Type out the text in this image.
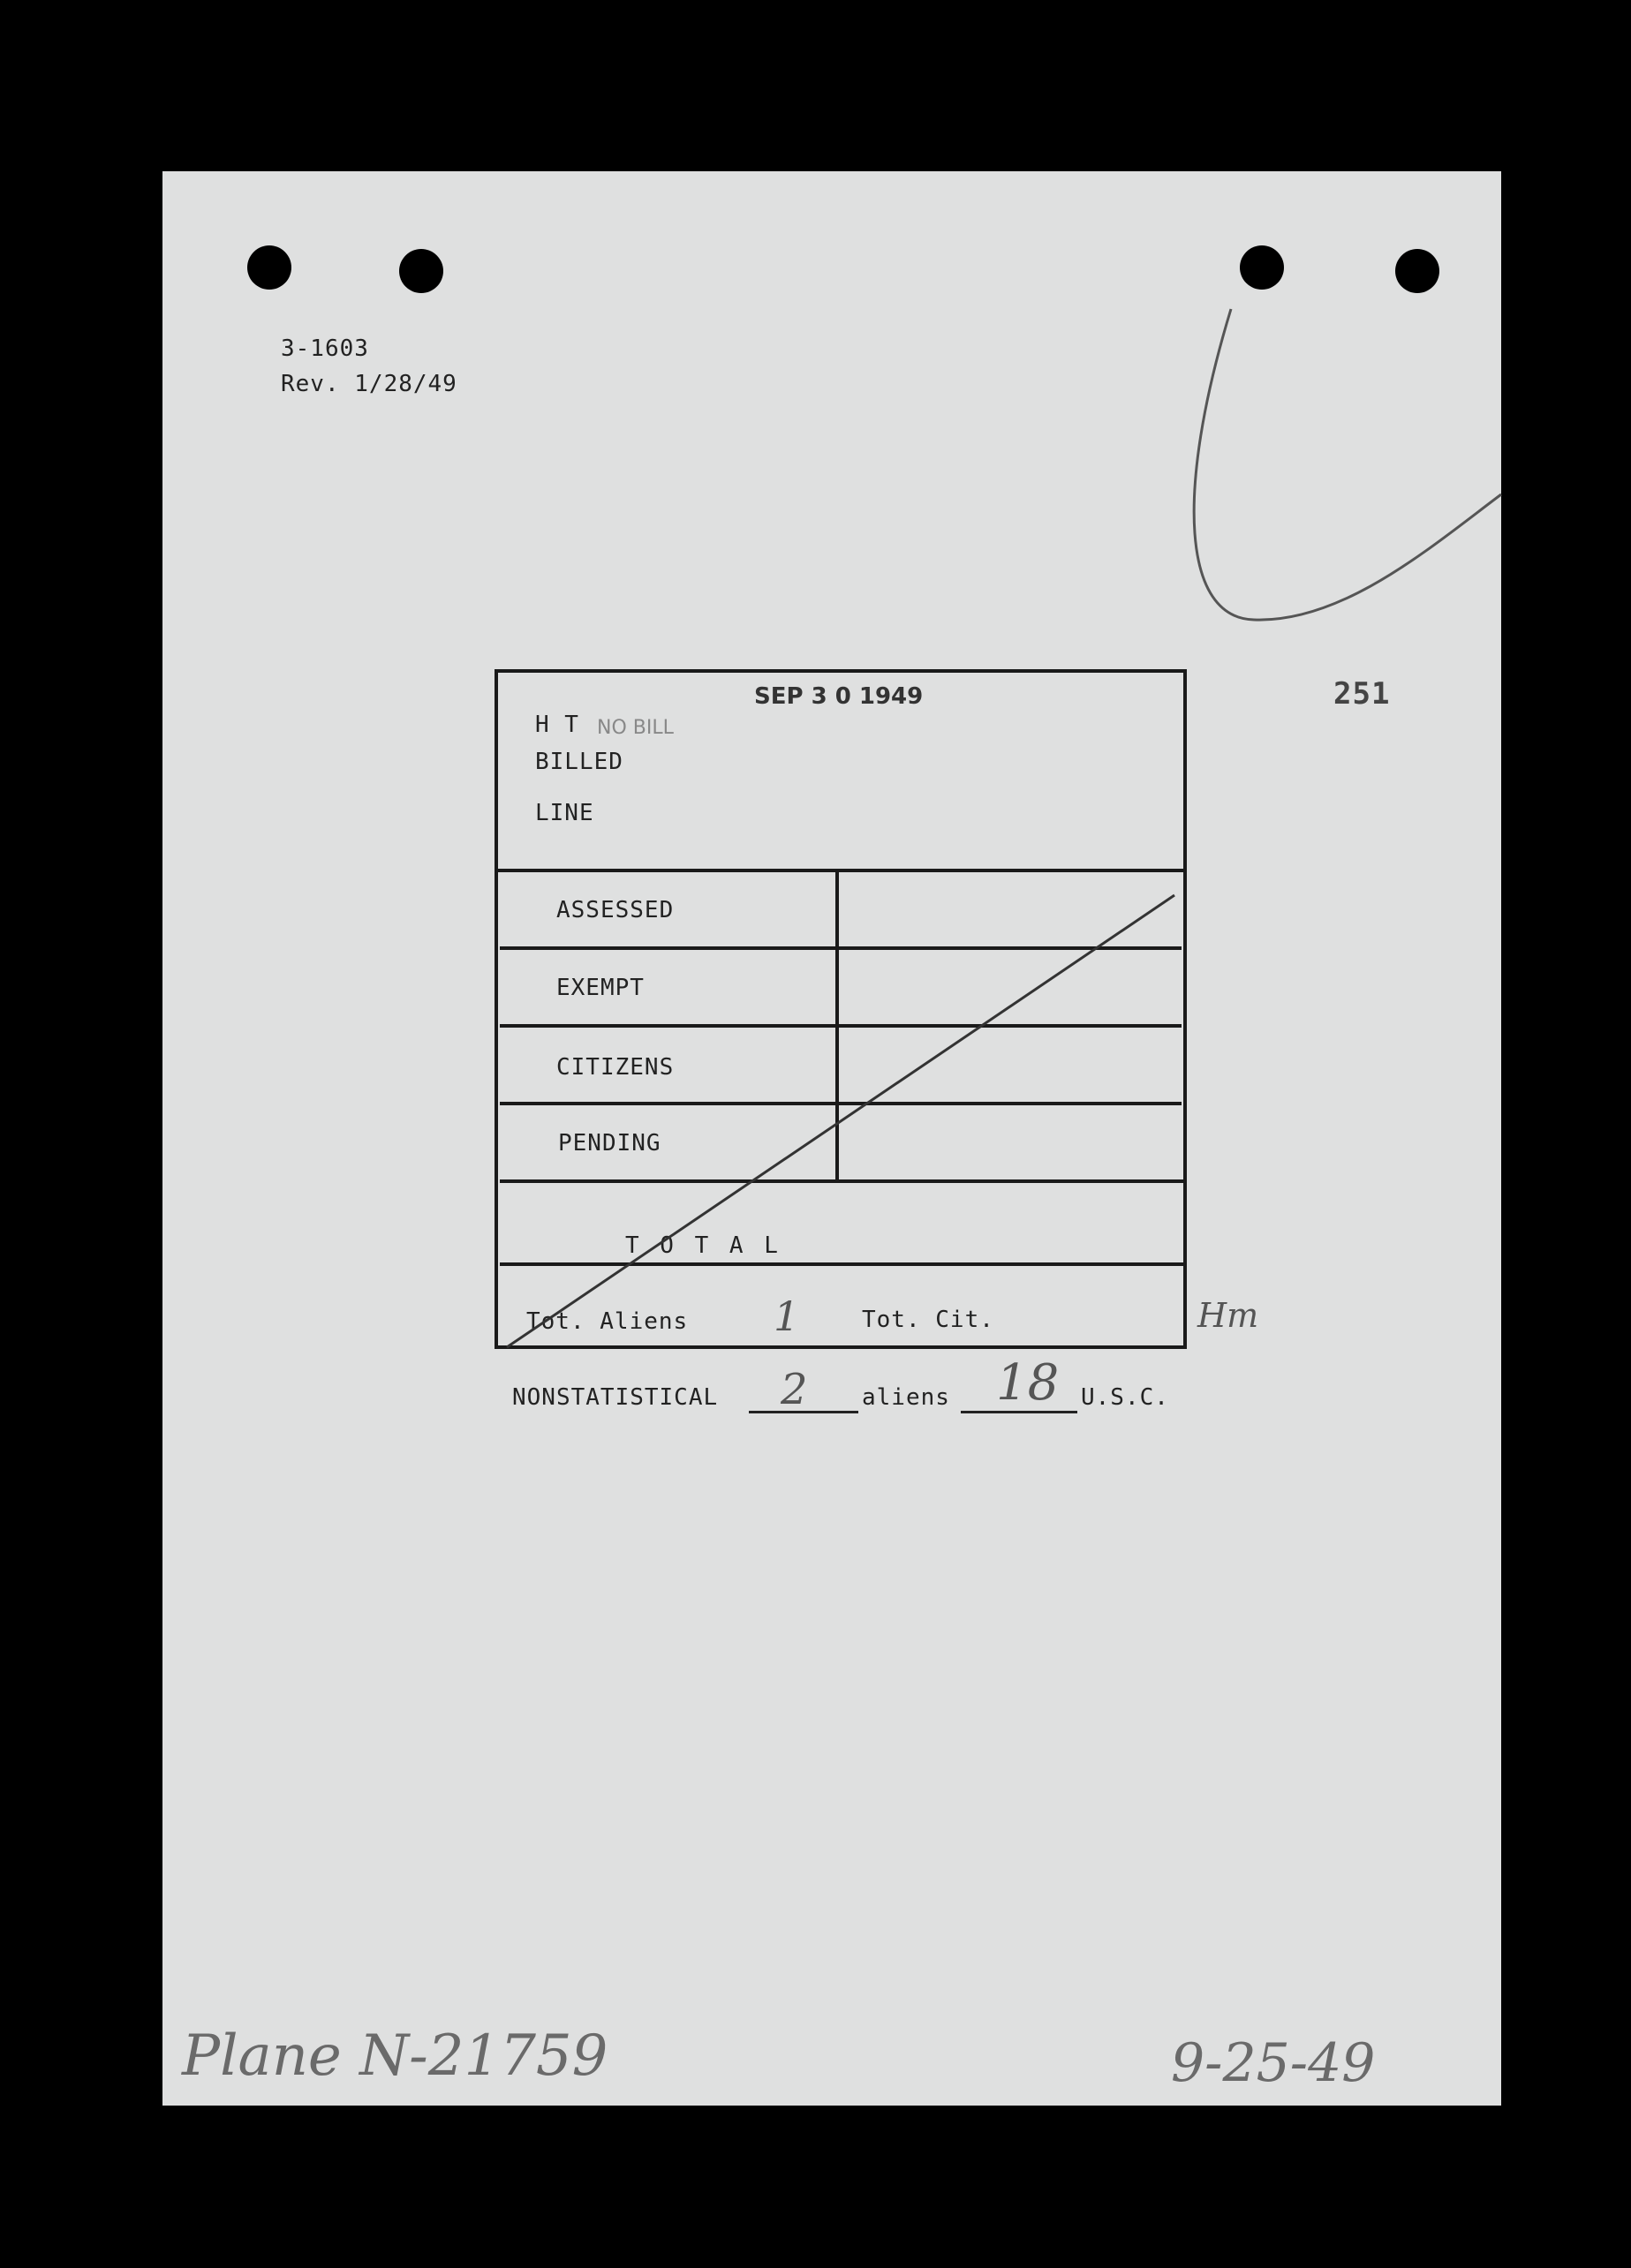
3-1603
Rev. 1/28/49
251
SEP 3 0 1949
NO BILL
H T
BILLED
LINE
ASSESSED
EXEMPT
CITIZENS
PENDING
T O T A L
Tot. Aliens 1	Tot. Cit.	Hm
NONSTATISTICAL 2 aliens 18 U.S.C.
Plane N-21759	9-25-49
